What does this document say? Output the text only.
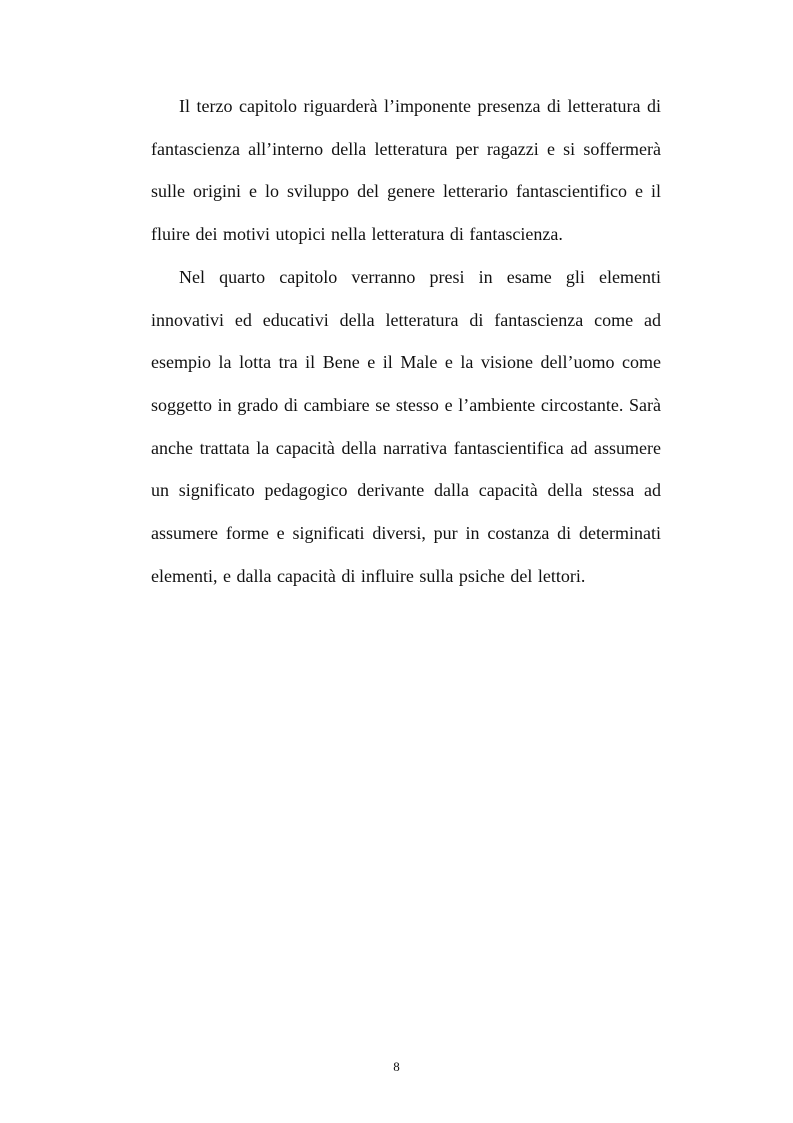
Il terzo capitolo riguarderà l’imponente presenza di letteratura di fantascienza all’interno della letteratura per ragazzi e si soffermerà sulle origini e lo sviluppo del genere letterario fantascientifico e il fluire dei motivi utopici nella letteratura di fantascienza.

Nel quarto capitolo verranno presi in esame gli elementi innovativi ed educativi della letteratura di fantascienza come ad esempio la lotta tra il Bene e il Male e la visione dell’uomo come soggetto in grado di cambiare se stesso e l’ambiente circostante. Sarà anche trattata la capacità della narrativa fantascientifica ad assumere un significato pedagogico derivante dalla capacità della stessa ad assumere forme e significati diversi, pur in costanza di determinati elementi, e dalla capacità di influire sulla psiche del lettori.

8
